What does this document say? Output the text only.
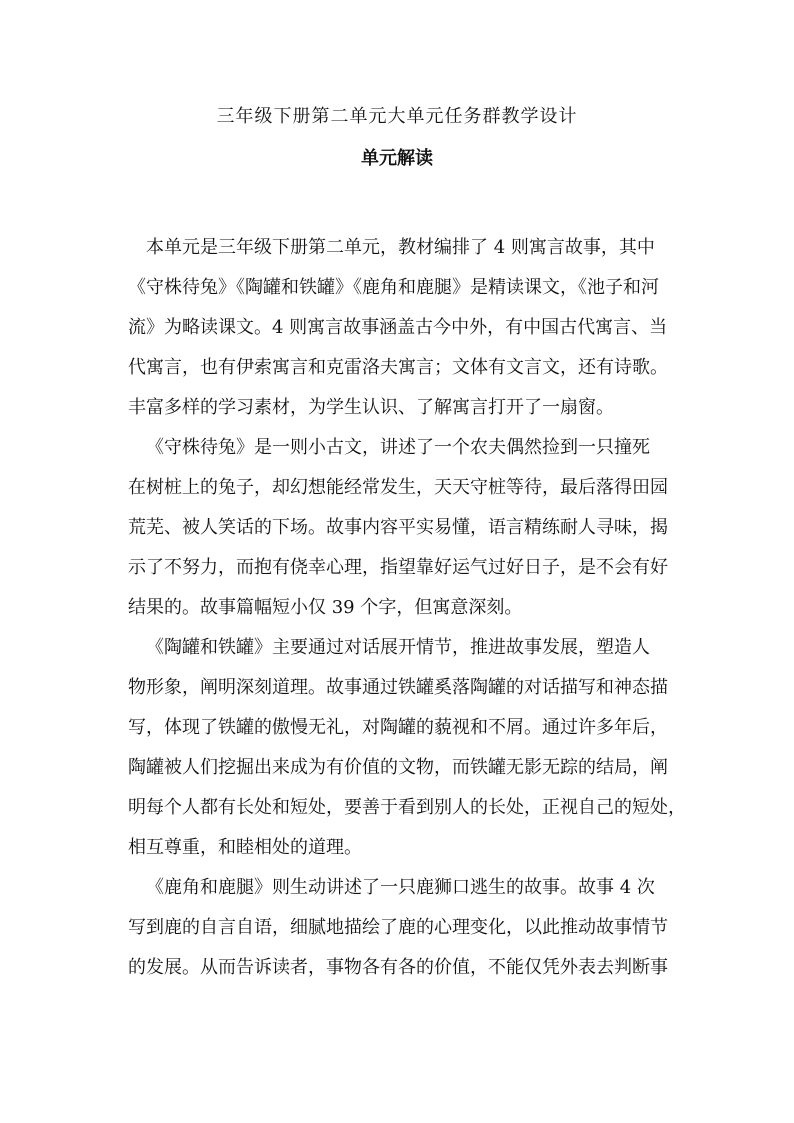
三年级下册第二单元大单元任务群教学设计
单元解读
本单元是三年级下册第二单元，教材编排了 4 则寓言故事，其中
《守株待兔》《陶罐和铁罐》《鹿角和鹿腿》是精读课文，《池子和河
流》为略读课文。4 则寓言故事涵盖古今中外，有中国古代寓言、当
代寓言，也有伊索寓言和克雷洛夫寓言；文体有文言文，还有诗歌。
丰富多样的学习素材，为学生认识、了解寓言打开了一扇窗。
《守株待兔》是一则小古文，讲述了一个农夫偶然捡到一只撞死
在树桩上的兔子，却幻想能经常发生，天天守桩等待，最后落得田园
荒芜、被人笑话的下场。故事内容平实易懂，语言精练耐人寻味，揭
示了不努力，而抱有侥幸心理，指望靠好运气过好日子，是不会有好
结果的。故事篇幅短小仅 39 个字，但寓意深刻。
《陶罐和铁罐》主要通过对话展开情节，推进故事发展，塑造人
物形象，阐明深刻道理。故事通过铁罐奚落陶罐的对话描写和神态描
写，体现了铁罐的傲慢无礼，对陶罐的藐视和不屑。通过许多年后，
陶罐被人们挖掘出来成为有价值的文物，而铁罐无影无踪的结局，阐
明每个人都有长处和短处，要善于看到别人的长处，正视自己的短处，
相互尊重，和睦相处的道理。
《鹿角和鹿腿》则生动讲述了一只鹿狮口逃生的故事。故事 4 次
写到鹿的自言自语，细腻地描绘了鹿的心理变化，以此推动故事情节
的发展。从而告诉读者，事物各有各的价值，不能仅凭外表去判断事
